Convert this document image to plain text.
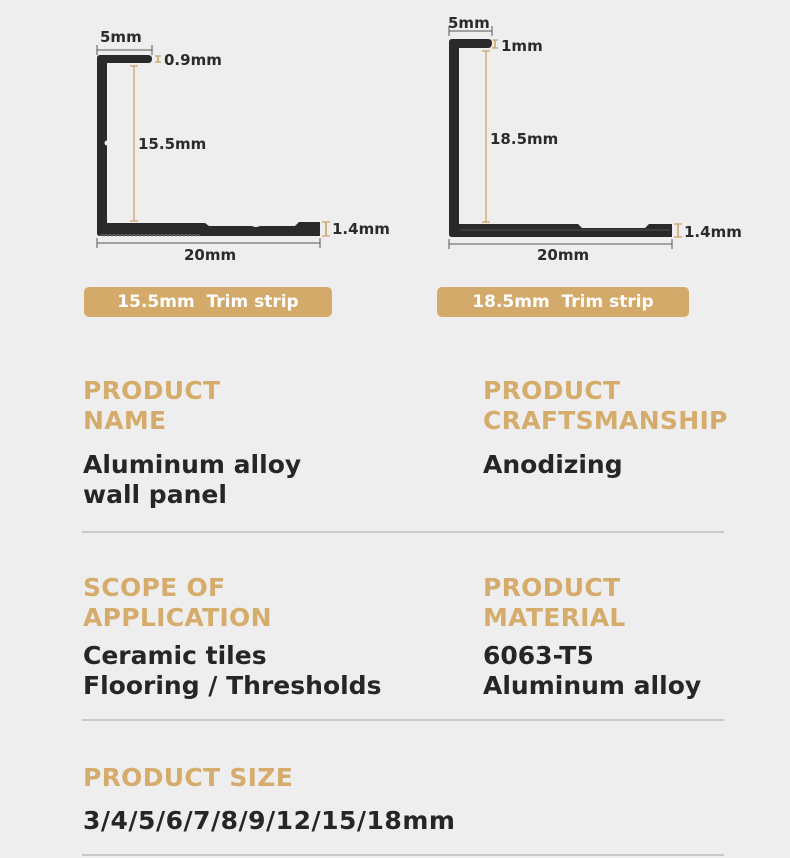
5mm
0.9mm
15.5mm
1.4mm
20mm
5mm
1mm
18.5mm
1.4mm
20mm
15.5mm  Trim strip	18.5mm  Trim strip
PRODUCT
NAME
Aluminum alloy
wall panel
PRODUCT
CRAFTSMANSHIP
Anodizing
SCOPE OF
APPLICATION
Ceramic tiles
Flooring / Thresholds
PRODUCT
MATERIAL
6063-T5
Aluminum alloy
PRODUCT SIZE
3/4/5/6/7/8/9/12/15/18mm
